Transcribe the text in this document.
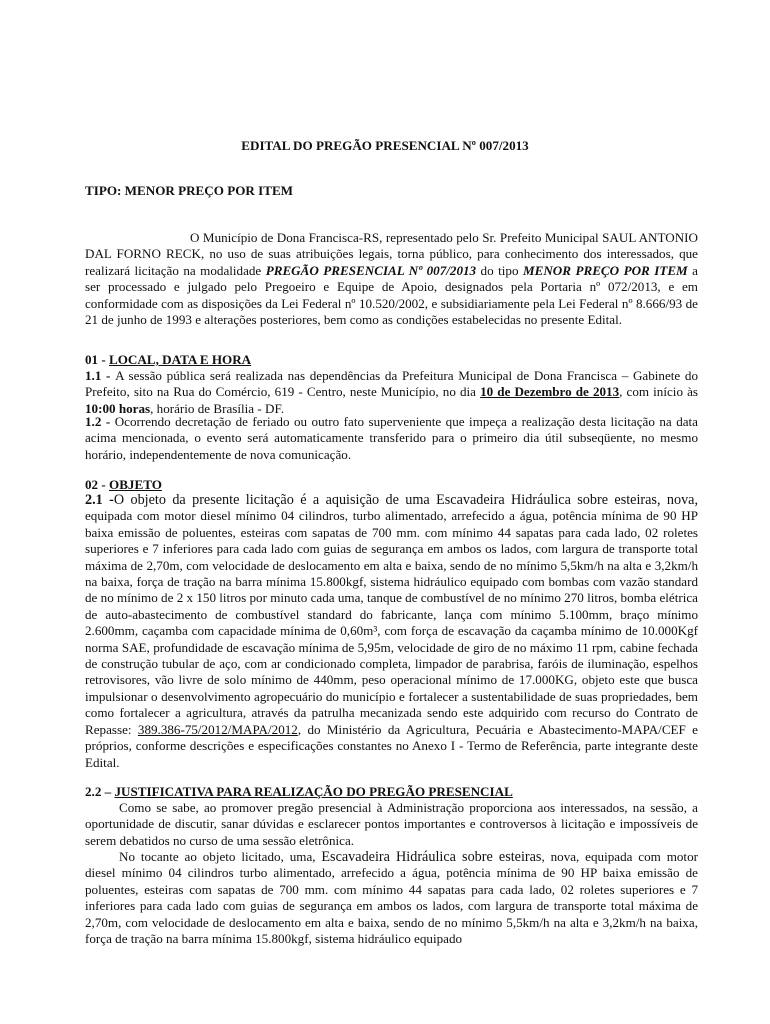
EDITAL DO PREGÃO PRESENCIAL Nº 007/2013
TIPO: MENOR PREÇO POR ITEM
O Município de Dona Francisca-RS, representado pelo Sr. Prefeito Municipal SAUL ANTONIO DAL FORNO RECK, no uso de suas atribuições legais, torna público, para conhecimento dos interessados, que realizará licitação na modalidade PREGÃO PRESENCIAL Nº 007/2013 do tipo MENOR PREÇO POR ITEM a ser processado e julgado pelo Pregoeiro e Equipe de Apoio, designados pela Portaria nº 072/2013, e em conformidade com as disposições da Lei Federal nº 10.520/2002, e subsidiariamente pela Lei Federal nº 8.666/93 de 21 de junho de 1993 e alterações posteriores, bem como as condições estabelecidas no presente Edital.
01 - LOCAL, DATA E HORA
1.1 - A sessão pública será realizada nas dependências da Prefeitura Municipal de Dona Francisca – Gabinete do Prefeito, sito na Rua do Comércio, 619 - Centro, neste Município, no dia 10 de Dezembro de 2013, com início às 10:00 horas, horário de Brasília - DF.
1.2 - Ocorrendo decretação de feriado ou outro fato superveniente que impeça a realização desta licitação na data acima mencionada, o evento será automaticamente transferido para o primeiro dia útil subseqüente, no mesmo horário, independentemente de nova comunicação.
02 - OBJETO
2.1 -O objeto da presente licitação é a aquisição de uma Escavadeira Hidráulica sobre esteiras, nova, equipada com motor diesel mínimo 04 cilindros, turbo alimentado, arrefecido a água, potência mínima de 90 HP baixa emissão de poluentes, esteiras com sapatas de 700 mm. com mínimo 44 sapatas para cada lado, 02 roletes superiores e 7 inferiores para cada lado com guias de segurança em ambos os lados, com largura de transporte total máxima de 2,70m, com velocidade de deslocamento em alta e baixa, sendo de no mínimo 5,5km/h na alta e 3,2km/h na baixa, força de tração na barra mínima 15.800kgf, sistema hidráulico equipado com bombas com vazão standard de no mínimo de 2 x 150 litros por minuto cada uma, tanque de combustível de no mínimo 270 litros, bomba elétrica de auto-abastecimento de combustível standard do fabricante, lança com mínimo 5.100mm, braço mínimo 2.600mm, caçamba com capacidade mínima de 0,60m³, com força de escavação da caçamba mínimo de 10.000Kgf norma SAE, profundidade de escavação mínima de 5,95m, velocidade de giro de no máximo 11 rpm, cabine fechada de construção tubular de aço, com ar condicionado completa, limpador de parabrisa, faróis de iluminação, espelhos retrovisores, vão livre de solo mínimo de 440mm, peso operacional mínimo de 17.000KG, objeto este que busca impulsionar o desenvolvimento agropecuário do município e fortalecer a sustentabilidade de suas propriedades, bem como fortalecer a agricultura, através da patrulha mecanizada sendo este adquirido com recurso do Contrato de Repasse: 389.386-75/2012/MAPA/2012, do Ministério da Agricultura, Pecuária e Abastecimento-MAPA/CEF e próprios, conforme descrições e especificações constantes no Anexo I - Termo de Referência, parte integrante deste Edital.
2.2 – JUSTIFICATIVA PARA REALIZAÇÃO DO PREGÃO PRESENCIAL
Como se sabe, ao promover pregão presencial à Administração proporciona aos interessados, na sessão, a oportunidade de discutir, sanar dúvidas e esclarecer pontos importantes e controversos à licitação e impossíveis de serem debatidos no curso de uma sessão eletrônica.
No tocante ao objeto licitado, uma, Escavadeira Hidráulica sobre esteiras, nova, equipada com motor diesel mínimo 04 cilindros turbo alimentado, arrefecido a água, potência mínima de 90 HP baixa emissão de poluentes, esteiras com sapatas de 700 mm. com mínimo 44 sapatas para cada lado, 02 roletes superiores e 7 inferiores para cada lado com guias de segurança em ambos os lados, com largura de transporte total máxima de 2,70m, com velocidade de deslocamento em alta e baixa, sendo de no mínimo 5,5km/h na alta e 3,2km/h na baixa, força de tração na barra mínima 15.800kgf, sistema hidráulico equipado
